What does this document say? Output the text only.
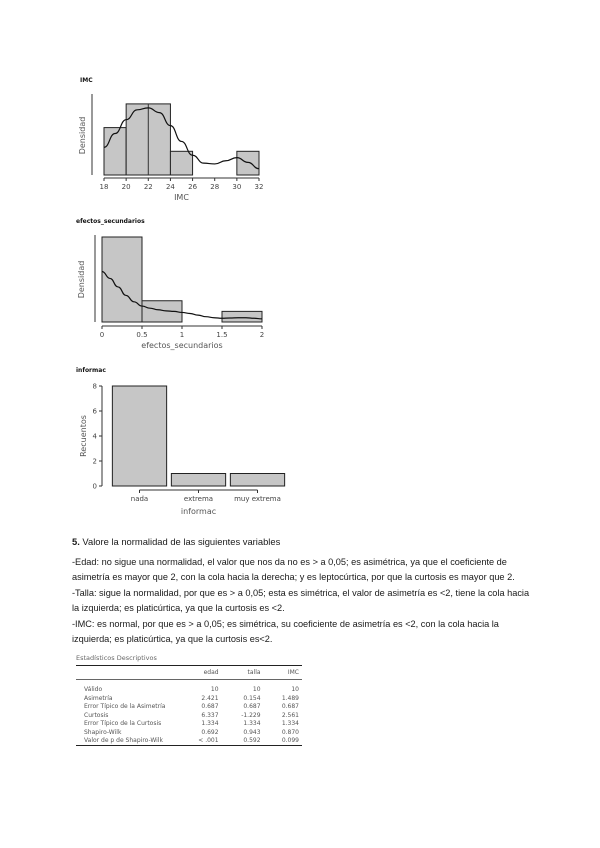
IMC
18 20 22 24 26 28 30 32
IMC
Densidad
efectos_secundarios
0	0.5	1	1.5	2
efectos_secundarios
Densidad
informac
nada	extrema	muy extrema
0
2
4
6
8
informac
Recuentos

5. Valore la normalidad de las siguientes variables

-Edad: no sigue una normalidad, el valor que nos da no es > a 0,05; es asimétrica, ya que el coeficiente de asimetría es mayor que 2, con la cola hacia la derecha; y es leptocúrtica, por que la curtosis es mayor que 2.

-Talla: sigue la normalidad, por que es > a 0,05; esta es simétrica, el valor de asimetría es <2, tiene la cola hacia la izquierda; es platicúrtica, ya que la curtosis es <2.

-IMC: es normal, por que es > a 0,05; es simétrica, su coeficiente de asimetría es <2, con la cola hacia la izquierda; es platicúrtica, ya que la curtosis es<2.

Estadísticos Descriptivos
	edad	talla	IMC
Válido	10	10	10
Asimetría	2.421	0.154	1.489
Error Típico de la Asimetría	0.687	0.687	0.687
Curtosis	6.337	-1.229	2.561
Error Típico de la Curtosis	1.334	1.334	1.334
Shapiro-Wilk	0.692	0.943	0.870
Valor de p de Shapiro-Wilk	< .001	0.592	0.099
